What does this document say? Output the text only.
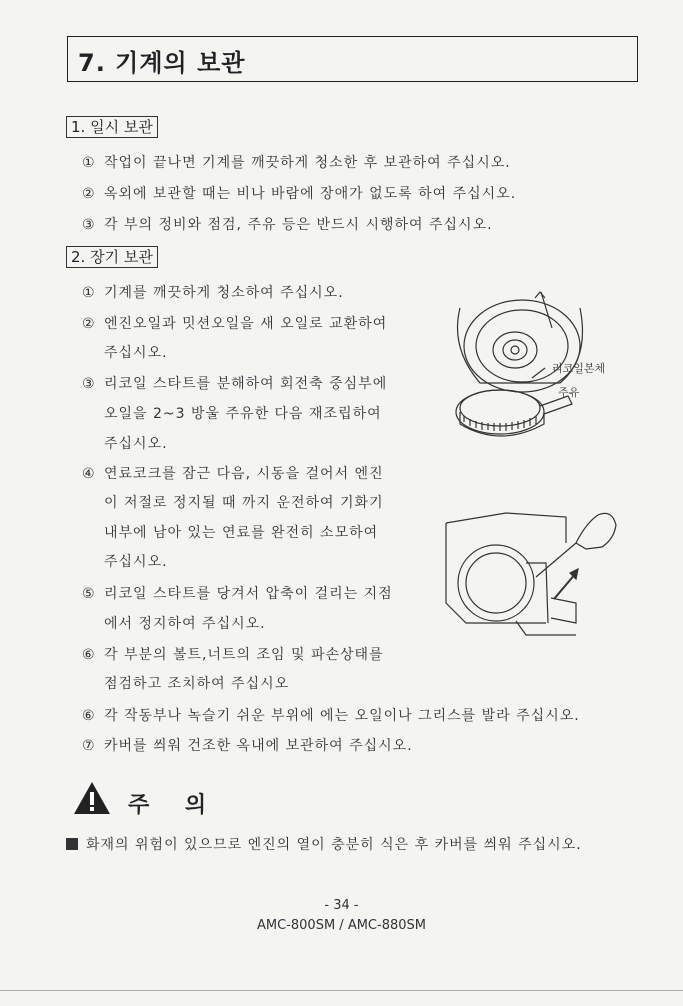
7. 기계의 보관
1. 일시 보관
① 작업이 끝나면 기계를 깨끗하게 청소한 후 보관하여 주십시오.
② 옥외에 보관할 때는 비나 바람에 장애가 없도록 하여 주십시오.
③ 각 부의 정비와 점검, 주유 등은 반드시 시행하여 주십시오.
2. 장기 보관
① 기계를 깨끗하게 청소하여 주십시오.
② 엔진오일과 밋션오일을 새 오일로 교환하여
주십시오.
③ 리코일 스타트를 분해하여 회전축 중심부에
오일을 2~3 방울 주유한 다음 재조립하여
주십시오.
④ 연료코크를 잠근 다음, 시동을 걸어서 엔진
이 저절로 정지될 때 까지 운전하여 기화기
내부에 남아 있는 연료를 완전히 소모하여
주십시오.
⑤ 리코일 스타트를 당겨서 압축이 걸리는 지점
에서 정지하여 주십시오.
⑥ 각 부분의 볼트,너트의 조임 및 파손상태를
점검하고 조치하여 주십시오
⑥ 각 작동부나 녹슬기 쉬운 부위에 에는 오일이나 그리스를 발라 주십시오.
⑦ 카버를 씌워 건조한 옥내에 보관하여 주십시오.
리코일본체
주유
주 의
화재의 위험이 있으므로 엔진의 열이 충분히 식은 후 카버를 씌워 주십시오.
- 34 -
AMC-800SM / AMC-880SM
